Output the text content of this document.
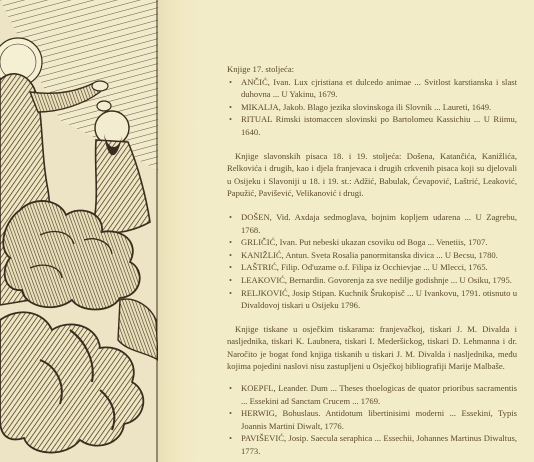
Knjige 17. stoljeća:

• ANČIĆ, Ivan. Lux cjristiana et dulcedo animae ... Svitlost karstianska i slast duhovna ... U Yakinu, 1679.
• MIKALJA, Jakob. Blago jezika slovinskoga ili Slovnik ... Laureti, 1649.
• RITUAL Rimski istomaccen slovinski po Bartolomeu Kassichiu ... U Riimu, 1640.

Knjige slavonskih pisaca 18. i 19. stoljeća: Došena, Katančića, Kanižlića, Relkovića i drugih, kao i djela franjevaca i drugih crkvenih pisaca koji su djelovali u Osijeku i Slavoniji u 18. i 19. st.: Adžić, Babulak, Ćevapović, Laštrić, Leaković, Papužić, Pavišević, Velikanović i drugi.

• DOŠEN, Vid. Axdaja sedmoglava, bojnim kopljem udarena ... U Zagrebu, 1768.
• GRLIČIĆ, Ivan. Put nebeski ukazan csoviku od Boga ... Venetiis, 1707.
• KANIŽLIĆ, Antun. Sveta Rosalia panormitanska divica ... U Becsu, 1780.
• LAŠTRIĆ, Filip. Od'uzame o.f. Filipa iz Occhievjae ... U Mlecci, 1765.
• LEAKOVIĆ, Bernardin. Govorenja za sve nedilje godishnje ... U Osiku, 1795.
• RELJKOVIĆ, Josip Stipan. Kuchnik Šrukopisč ... U Ivankovu, 1791. otisnuto u Divaldovoj tiskari u Osijeku 1796.

Knjige tiskane u osječkim tiskarama: franjevačkoj, tiskari J. M. Divalda i nasljednika, tiskari K. Laubnera, tiskari I. Mederšickog, tiskari D. Lehmanna i dr. Naročito je bogat fond knjiga tiskanih u tiskari J. M. Divalda i nasljednika, među kojima pojedini naslovi nisu zastupljeni u Osječkoj bibliografiji Marije Malbaše.

• KOEPFL, Leander. Dum ... Theses thoelogicas de quator prioribus sacramentis ... Essekini ad Sanctam Crucem ... 1769.
• HERWIG, Bohuslaus. Antidotum libertinisimi moderni ... Essekini, Typis Joannis Martini Diwalt, 1776.
• PAVIŠEVIĆ, Josip. Saecula seraphica ... Essechii, Johannes Martinus Diwaltus, 1773.
